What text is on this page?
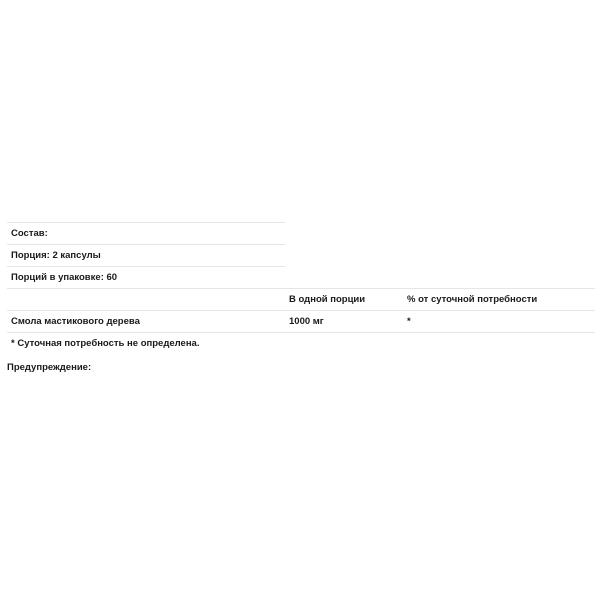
Состав:		
Порция: 2 капсулы		
Порций в упаковке: 60		
	В одной порции	% от суточной потребности
Смола мастикового дерева	1000 мг	*
* Суточная потребность не определена.		
Предупреждение:
